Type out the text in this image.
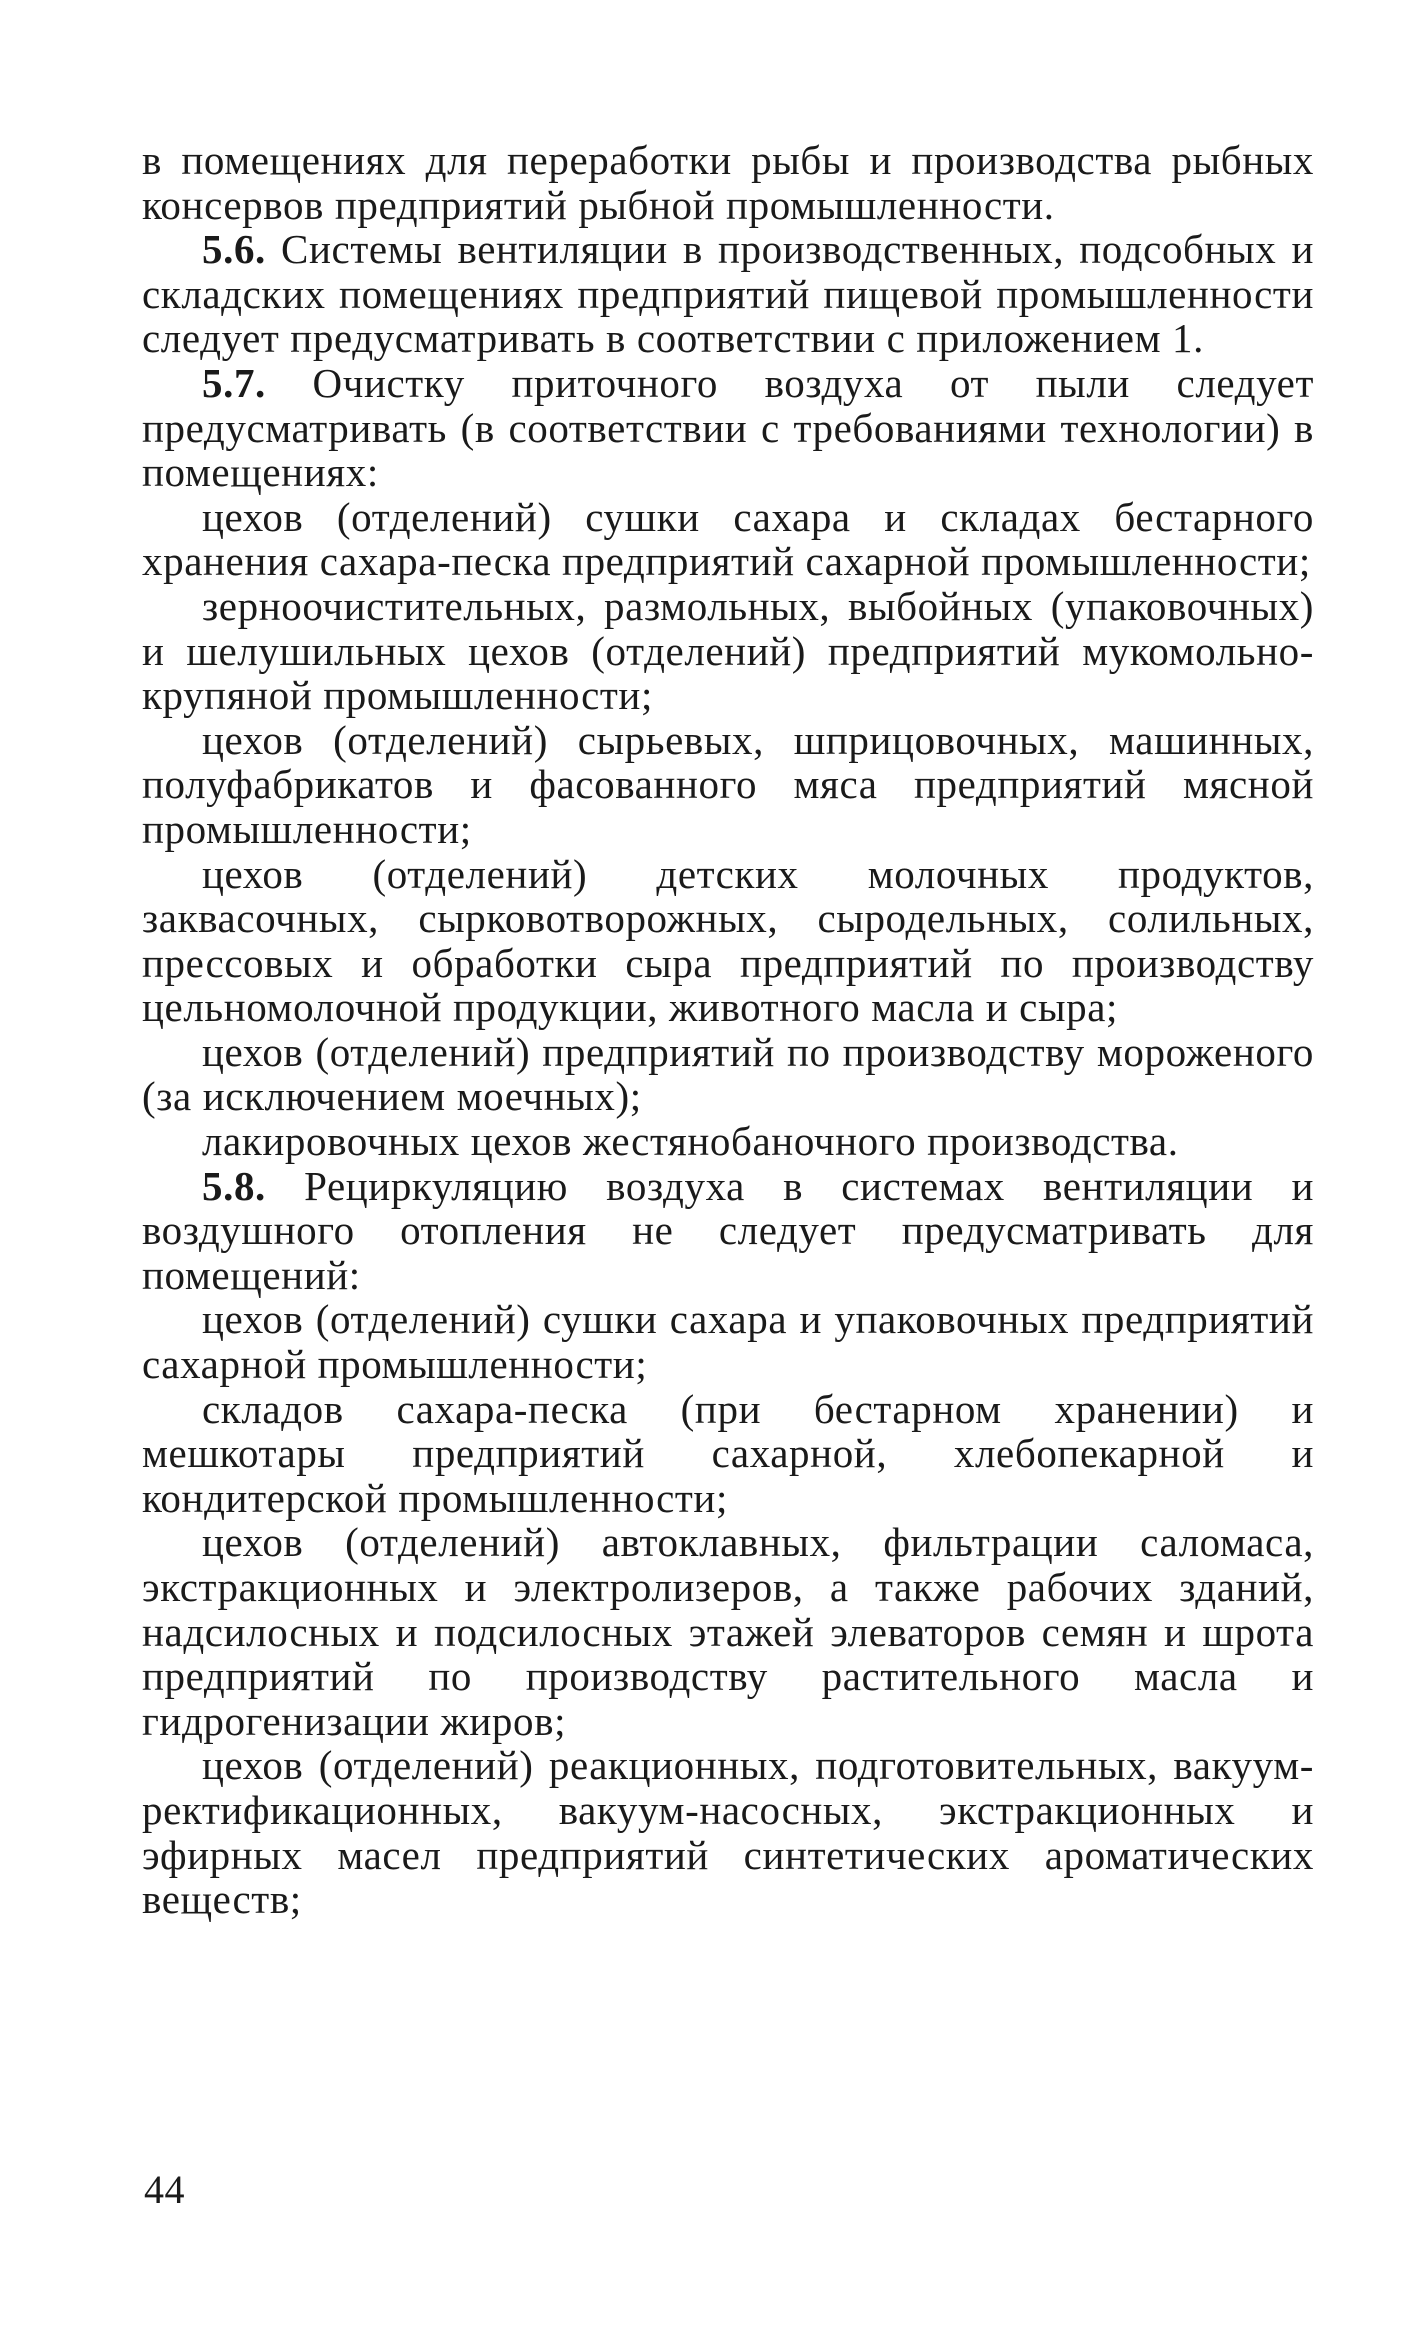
в помещениях для переработки рыбы и производства рыбных консервов предприятий рыбной промышленности.

5.6. Системы вентиляции в производственных, подсобных и складских помещениях предприятий пищевой промышленности следует предусматривать в соответствии с приложением 1.

5.7. Очистку приточного воздуха от пыли следует предусматривать (в соответствии с требованиями технологии) в помещениях:

цехов (отделений) сушки сахара и складах бестарного хранения сахара-песка предприятий сахарной промышленности;

зерноочистительных, размольных, выбойных (упаковочных) и шелушильных цехов (отделений) предприятий мукомольно-крупяной промышленности;

цехов (отделений) сырьевых, шприцовочных, машинных, полуфабрикатов и фасованного мяса предприятий мясной промышленности;

цехов (отделений) детских молочных продуктов, заквасочных, сырковотворожных, сыродельных, солильных, прессовых и обработки сыра предприятий по производству цельномолочной продукции, животного масла и сыра;

цехов (отделений) предприятий по производству мороженого (за исключением моечных);

лакировочных цехов жестянобаночного производства.

5.8. Рециркуляцию воздуха в системах вентиляции и воздушного отопления не следует предусматривать для помещений:

цехов (отделений) сушки сахара и упаковочных предприятий сахарной промышленности;

складов сахара-песка (при бестарном хранении) и мешкотары предприятий сахарной, хлебопекарной и кондитерской промышленности;

цехов (отделений) автоклавных, фильтрации саломаса, экстракционных и электролизеров, а также рабочих зданий, надсилосных и подсилосных этажей элеваторов семян и шрота предприятий по производству растительного масла и гидрогенизации жиров;

цехов (отделений) реакционных, подготовительных, вакуум-ректификационных, вакуум-насосных, экстракционных и эфирных масел предприятий синтетических ароматических веществ;

44
